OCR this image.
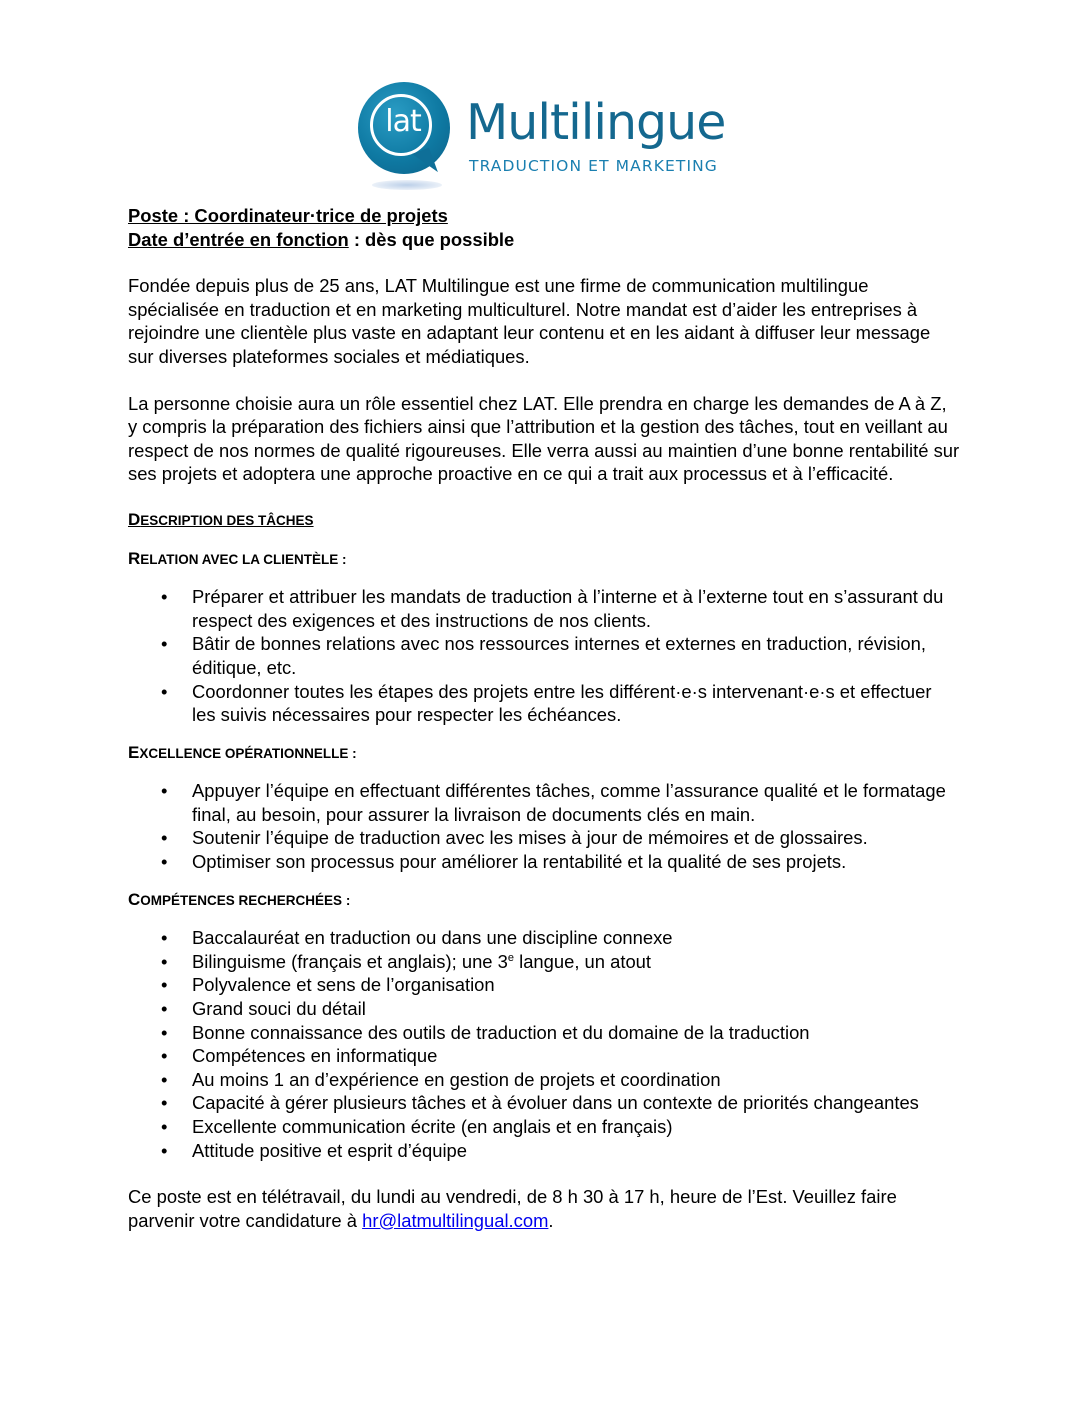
lat Multilingue
TRADUCTION ET MARKETING

Poste : Coordinateur·trice de projets

Date d’entrée en fonction : dès que possible

Fondée depuis plus de 25 ans, LAT Multilingue est une firme de communication multilingue spécialisée en traduction et en marketing multiculturel. Notre mandat est d’aider les entreprises à rejoindre une clientèle plus vaste en adaptant leur contenu et en les aidant à diffuser leur message sur diverses plateformes sociales et médiatiques.

La personne choisie aura un rôle essentiel chez LAT. Elle prendra en charge les demandes de A à Z, y compris la préparation des fichiers ainsi que l’attribution et la gestion des tâches, tout en veillant au respect de nos normes de qualité rigoureuses. Elle verra aussi au maintien d’une bonne rentabilité sur ses projets et adoptera une approche proactive en ce qui a trait aux processus et à l’efficacité.

DESCRIPTION DES TÂCHES

RELATION AVEC LA CLIENTÈLE :

• Préparer et attribuer les mandats de traduction à l’interne et à l’externe tout en s’assurant du respect des exigences et des instructions de nos clients.
• Bâtir de bonnes relations avec nos ressources internes et externes en traduction, révision, éditique, etc.
• Coordonner toutes les étapes des projets entre les différent·e·s intervenant·e·s et effectuer les suivis nécessaires pour respecter les échéances.

EXCELLENCE OPÉRATIONNELLE :

• Appuyer l’équipe en effectuant différentes tâches, comme l’assurance qualité et le formatage final, au besoin, pour assurer la livraison de documents clés en main.
• Soutenir l’équipe de traduction avec les mises à jour de mémoires et de glossaires.
• Optimiser son processus pour améliorer la rentabilité et la qualité de ses projets.

COMPÉTENCES RECHERCHÉES :

• Baccalauréat en traduction ou dans une discipline connexe
• Bilinguisme (français et anglais); une 3e langue, un atout
• Polyvalence et sens de l’organisation
• Grand souci du détail
• Bonne connaissance des outils de traduction et du domaine de la traduction
• Compétences en informatique
• Au moins 1 an d’expérience en gestion de projets et coordination
• Capacité à gérer plusieurs tâches et à évoluer dans un contexte de priorités changeantes
• Excellente communication écrite (en anglais et en français)
• Attitude positive et esprit d’équipe

Ce poste est en télétravail, du lundi au vendredi, de 8 h 30 à 17 h, heure de l’Est. Veuillez faire parvenir votre candidature à hr@latmultilingual.com.
